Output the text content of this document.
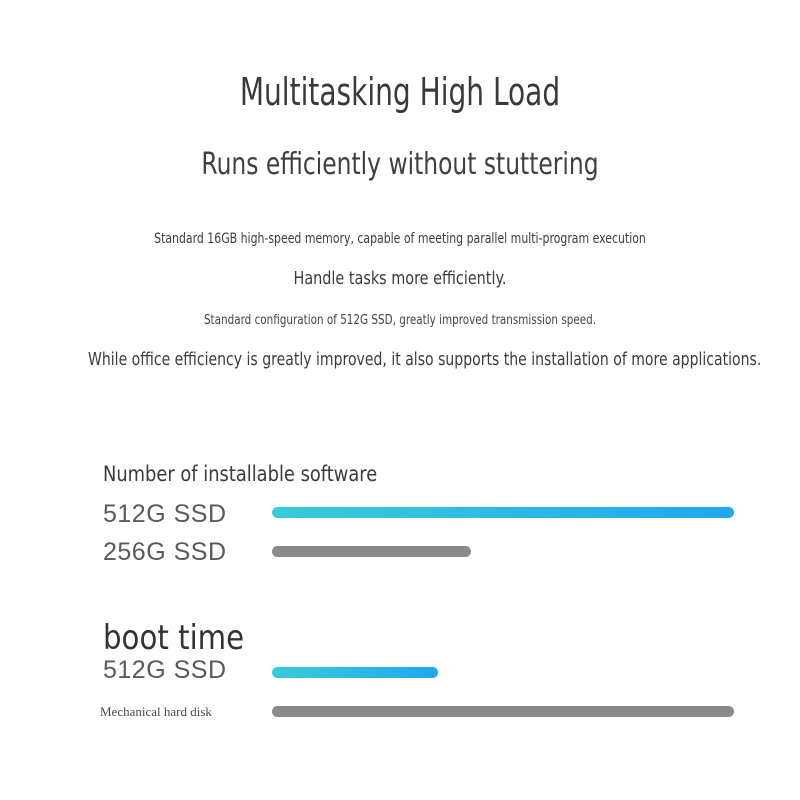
Multitasking High Load
Runs efficiently without stuttering
Standard 16GB high-speed memory, capable of meeting parallel multi-program execution
Handle tasks more efficiently.
Standard configuration of 512G SSD, greatly improved transmission speed.
While office efficiency is greatly improved, it also supports the installation of more applications.
Number of installable software
512G SSD
256G SSD
boot time
512G SSD
Mechanical hard disk
